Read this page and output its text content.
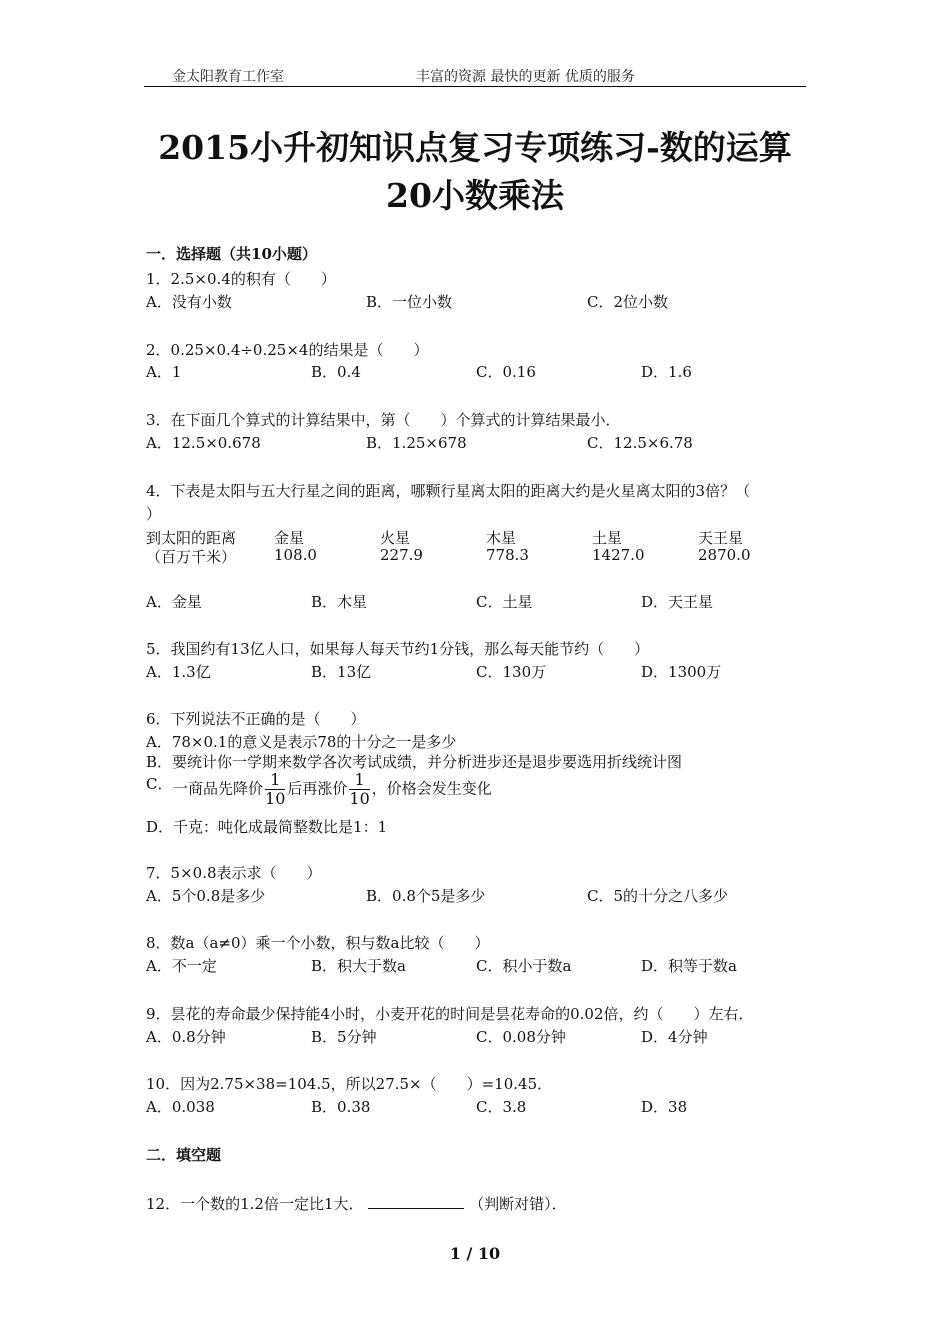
金太阳教育工作室	丰富的资源 最快的更新 优质的服务
2015小升初知识点复习专项练习-数的运算
20小数乘法
一．选择题（共10小题）
1．2.5×0.4的积有（　　）
A．没有小数	B．一位小数	C．2位小数
2．0.25×0.4÷0.25×4的结果是（　　）
A．1	B．0.4	C．0.16	D．1.6
3．在下面几个算式的计算结果中，第（　　）个算式的计算结果最小．
A．12.5×0.678	B．1.25×678	C．12.5×6.78
4．下表是太阳与五大行星之间的距离，哪颗行星离太阳的距离大约是火星离太阳的3倍？（
）
到太阳的距离
（百万千米）
金星	火星	木星	土星	天王星
108.0	227.9	778.3	1427.0	2870.0
A．金星	B．木星	C．土星	D．天王星
5．我国约有13亿人口，如果每人每天节约1分钱，那么每天能节约（　　）
A．1.3亿	B．13亿	C．130万	D．1300万
6．下列说法不正确的是（　　）
A．78×0.1的意义是表示78的十分之一是多少
B．要统计你一学期来数学各次考试成绩，并分析进步还是退步要选用折线统计图
C． 一商品先降价 $\frac{1}{10}$ 后再涨价 $\frac{1}{10}$ ，价格会发生变化
D．千克：吨化成最简整数比是1：1
7．5×0.8表示求（　　）
A．5个0.8是多少	B．0.8个5是多少	C．5的十分之八多少
8．数a（a≠0）乘一个小数，积与数a比较（　　）
A．不一定	B．积大于数a	C．积小于数a	D．积等于数a
9．昙花的寿命最少保持能4小时，小麦开花的时间是昙花寿命的0.02倍，约（　　）左右．
A．0.8分钟	B．5分钟	C．0.08分钟	D．4分钟
10．因为2.75×38=104.5，所以27.5×（　　）=10.45．
A．0.038	B．0.38	C．3.8	D．38
二．填空题
12．一个数的1.2倍一定比1大．	（判断对错）．
1 / 10
